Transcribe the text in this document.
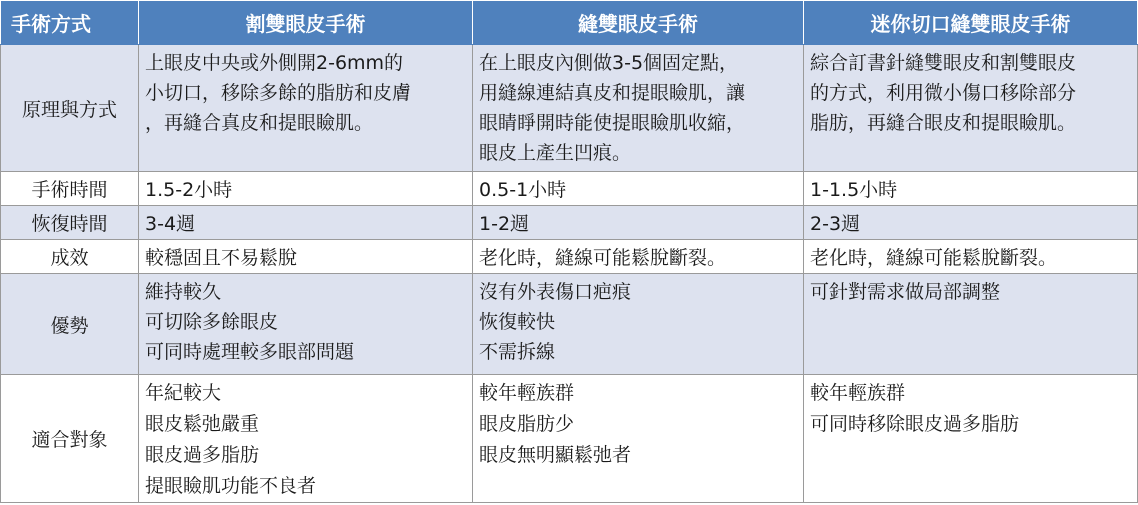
手術方式	割雙眼皮手術	縫雙眼皮手術	迷你切口縫雙眼皮手術
原理與方式	上眼皮中央或外側開2-6mm的
小切口，移除多餘的脂肪和皮膚
，再縫合真皮和提眼瞼肌。	在上眼皮內側做3-5個固定點，
用縫線連結真皮和提眼瞼肌，讓
眼睛睜開時能使提眼瞼肌收縮，
眼皮上產生凹痕。	綜合訂書針縫雙眼皮和割雙眼皮
的方式，利用微小傷口移除部分
脂肪，再縫合眼皮和提眼瞼肌。

手術時間	1.5-2小時	0.5-1小時	1-1.5小時

恢復時間	3-4週	1-2週	2-3週

成效	較穩固且不易鬆脫	老化時，縫線可能鬆脫斷裂。	老化時，縫線可能鬆脫斷裂。

優勢	維持較久
可切除多餘眼皮
可同時處理較多眼部問題	沒有外表傷口疤痕
恢復較快
不需拆線	可針對需求做局部調整

適合對象	年紀較大
眼皮鬆弛嚴重
眼皮過多脂肪
提眼瞼肌功能不良者	較年輕族群
眼皮脂肪少
眼皮無明顯鬆弛者	較年輕族群
可同時移除眼皮過多脂肪
